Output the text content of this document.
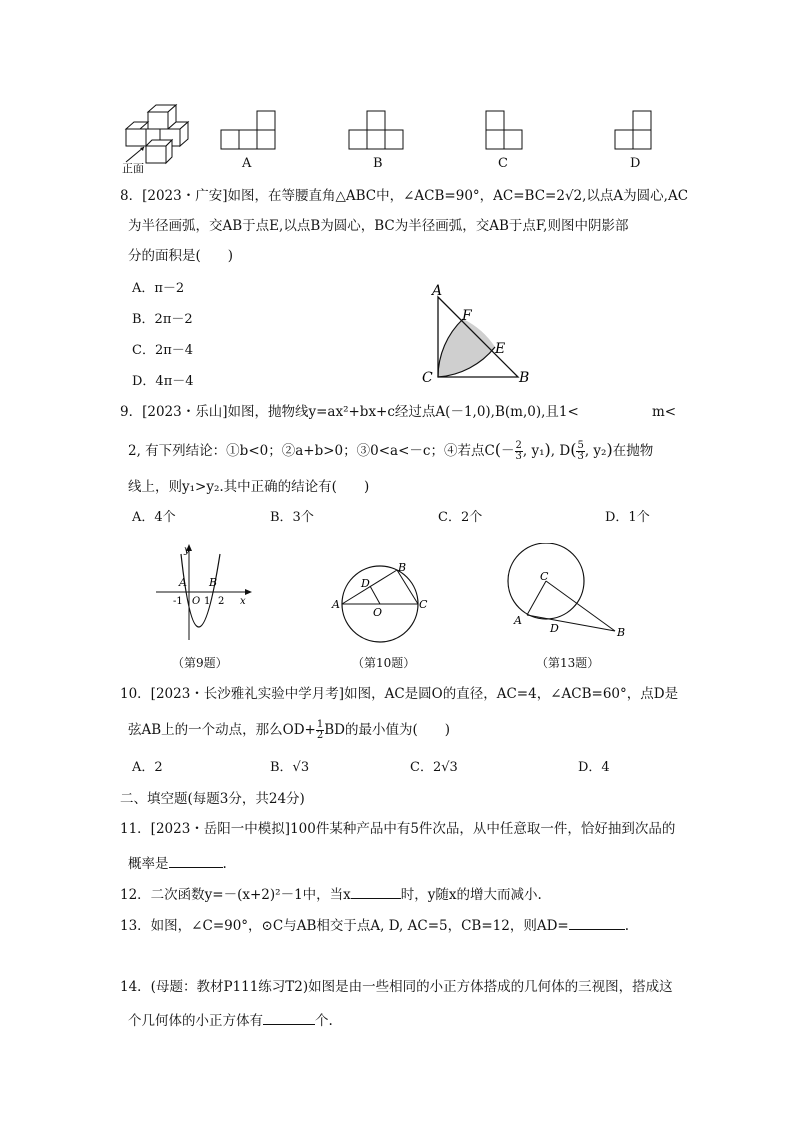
正面	A	B	C	D
8．[2023・广安]如图，在等腰直角△ABC中，∠ACB=90°，AC=BC=2√2,以点A为圆心,AC
为半径画弧，交AB于点E,以点B为圆心，BC为半径画弧，交AB于点F,则图中阴影部
分的面积是(　　)
A．π－2
B．2π－2
C．2π－4
D．4π－4
A
F
E
C	B
9．[2023・乐山]如图，抛物线y=ax²+bx+c经过点A(－1,0),B(m,0),且1<	m<
2, 有下列结论：①b<0；②a+b>0；③0<a<－c；④若点$C(- \frac{2}{3}$ , y₁), $D( \frac{5}{3}$ , y₂)在抛物
线上，则y₁>y₂.其中正确的结论有(　　)
A．4个	B．3个	C．2个	D．1个
y
A B
-1 O 1 2 x
（第9题）
A
B
C
D
O
（第10题）
C
A
D	B
（第13题）
10．[2023・长沙雅礼实验中学月考]如图，AC是圆O的直径，AC=4，∠ACB=60°，点D是
弦AB上的一个动点，那么$OD+ \frac{1}{2}$ BD的最小值为(　　)
A．2	B．√3	C．2√3	D．4
二、填空题(每题3分，共24分)
11．[2023・岳阳一中模拟]100件某种产品中有5件次品，从中任意取一件，恰好抽到次品的
概率是	.
12．二次函数y=－(x+2)²－1中，当x	时，y随x的增大而减小.
13．如图，∠C=90°，⊙C与AB相交于点A, D, AC=5，CB=12，则AD=	.
14．(母题：教材P111练习T2)如图是由一些相同的小正方体搭成的几何体的三视图，搭成这
个几何体的小正方体有	个.
